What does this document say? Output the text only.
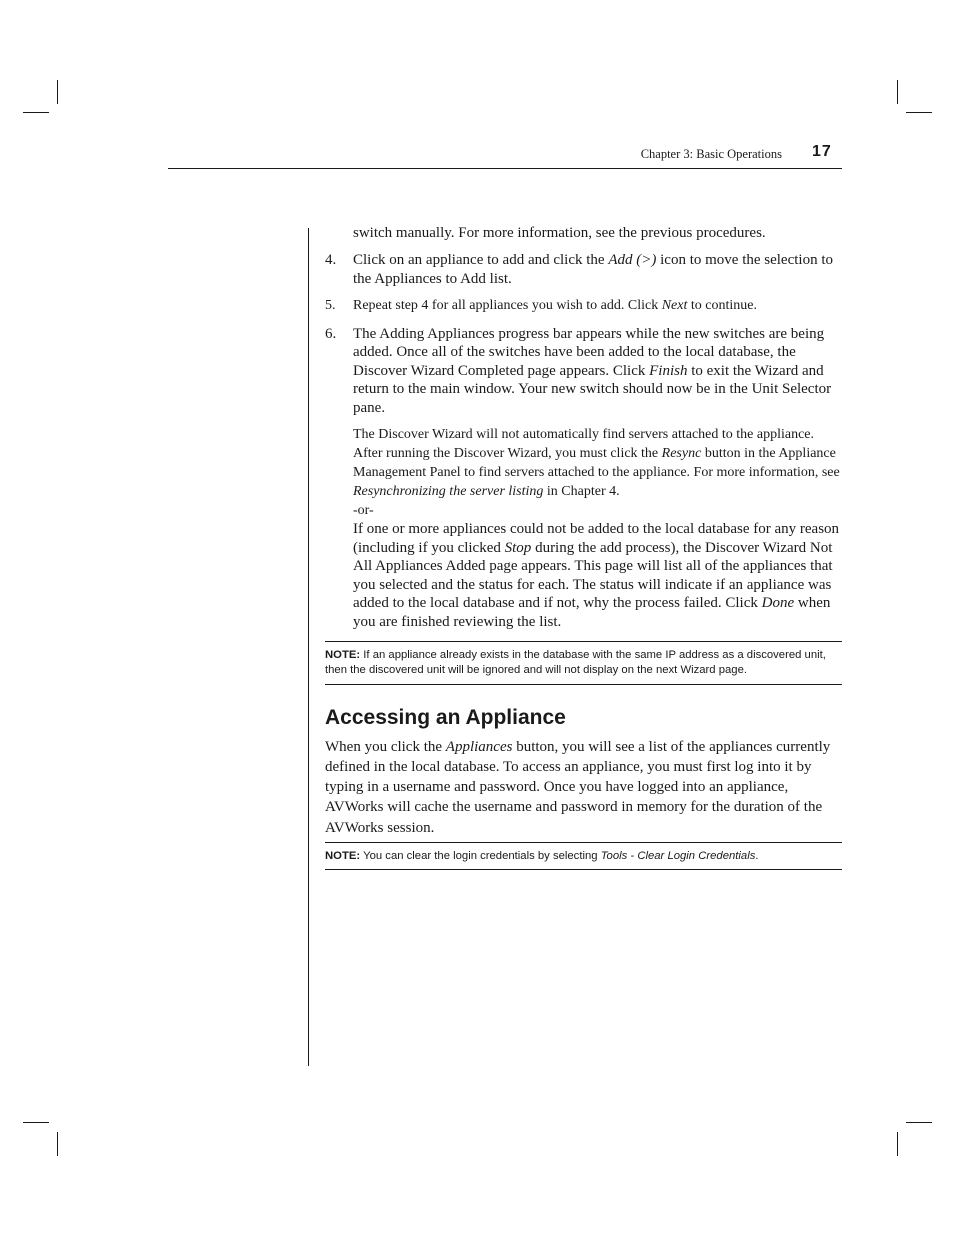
Chapter 3: Basic Operations 17

switch manually. For more information, see the previous procedures.

4. Click on an appliance to add and click the Add (>) icon to move the selection to the Appliances to Add list.
5. Repeat step 4 for all appliances you wish to add. Click Next to continue.
6. The Adding Appliances progress bar appears while the new switches are being added. Once all of the switches have been added to the local database, the Discover Wizard Completed page appears. Click Finish to exit the Wizard and return to the main window. Your new switch should now be in the Unit Selector pane.

The Discover Wizard will not automatically find servers attached to the appliance. After running the Discover Wizard, you must click the Resync button in the Appliance Management Panel to find servers attached to the appliance. For more information, see Resynchronizing the server listing in Chapter 4.

-or-

If one or more appliances could not be added to the local database for any reason (including if you clicked Stop during the add process), the Discover Wizard Not All Appliances Added page appears. This page will list all of the appliances that you selected and the status for each. The status will indicate if an appliance was added to the local database and if not, why the process failed. Click Done when you are finished reviewing the list.

NOTE: If an appliance already exists in the database with the same IP address as a discovered unit, then the discovered unit will be ignored and will not display on the next Wizard page.
Accessing an Appliance

When you click the Appliances button, you will see a list of the appliances currently defined in the local database. To access an appliance, you must first log into it by typing in a username and password. Once you have logged into an appliance, AVWorks will cache the username and password in memory for the duration of the AVWorks session.

NOTE: You can clear the login credentials by selecting Tools - Clear Login Credentials.
